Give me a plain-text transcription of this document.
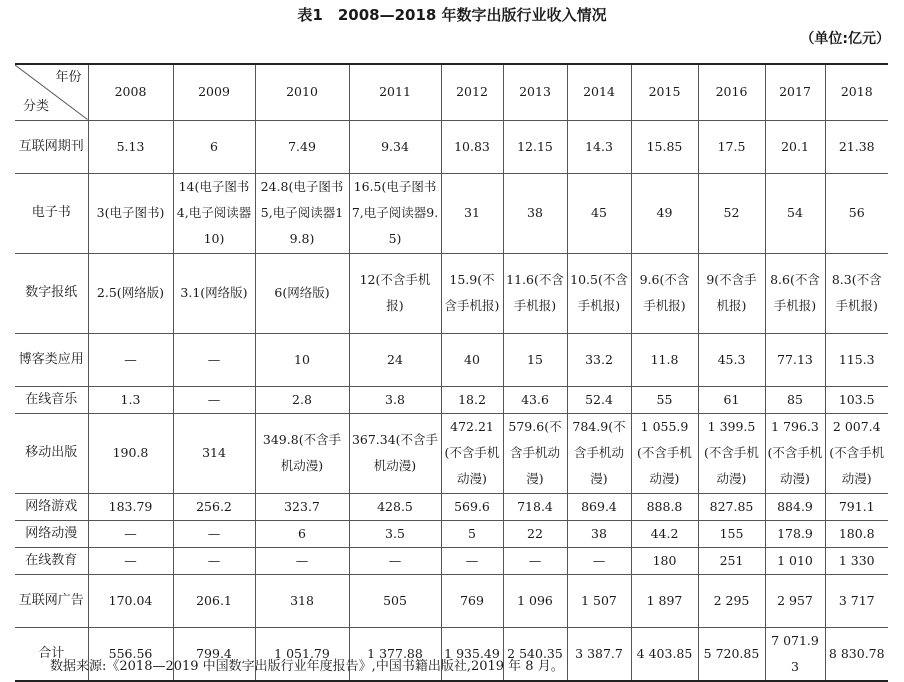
表1　2008—2018 年数字出版行业收入情况
（单位:亿元）
年份
分类	2008	2009	2010	2011	2012	2013	2014	2015	2016	2017	2018
互联网期刊	5.13	6	7.49	9.34	10.83	12.15	14.3	15.85	17.5	20.1	21.38
电子书	3(电子图书)	14(电子图书4,电子阅读器10)	24.8(电子图书5,电子阅读器19.8)	16.5(电子图书7,电子阅读器9.5)	31	38	45	49	52	54	56
数字报纸	2.5(网络版)	3.1(网络版)	6(网络版)	12(不含手机报)	15.9(不含手机报)	11.6(不含手机报)	10.5(不含手机报)	9.6(不含手机报)	9(不含手机报)	8.6(不含手机报)	8.3(不含手机报)
博客类应用	—	—	10	24	40	15	33.2	11.8	45.3	77.13	115.3
在线音乐	1.3	—	2.8	3.8	18.2	43.6	52.4	55	61	85	103.5
移动出版	190.8	314	349.8(不含手机动漫)	367.34(不含手机动漫)	472.21(不含手机动漫)	579.6(不含手机动漫)	784.9(不含手机动漫)	1 055.9(不含手机动漫)	1 399.5(不含手机动漫)	1 796.3(不含手机动漫)	2 007.4(不含手机动漫)
网络游戏	183.79	256.2	323.7	428.5	569.6	718.4	869.4	888.8	827.85	884.9	791.1
网络动漫	—	—	6	3.5	5	22	38	44.2	155	178.9	180.8
在线教育	—	—	—	—	—	—	—	180	251	1 010	1 330
互联网广告	170.04	206.1	318	505	769	1 096	1 507	1 897	2 295	2 957	3 717
合计	556.56	799.4	1 051.79	1 377.88	1 935.49	2 540.35	3 387.7	4 403.85	5 720.85	7 071.93	8 830.78
数据来源:《2018—2019 中国数字出版行业年度报告》,中国书籍出版社,2019 年 8 月。
